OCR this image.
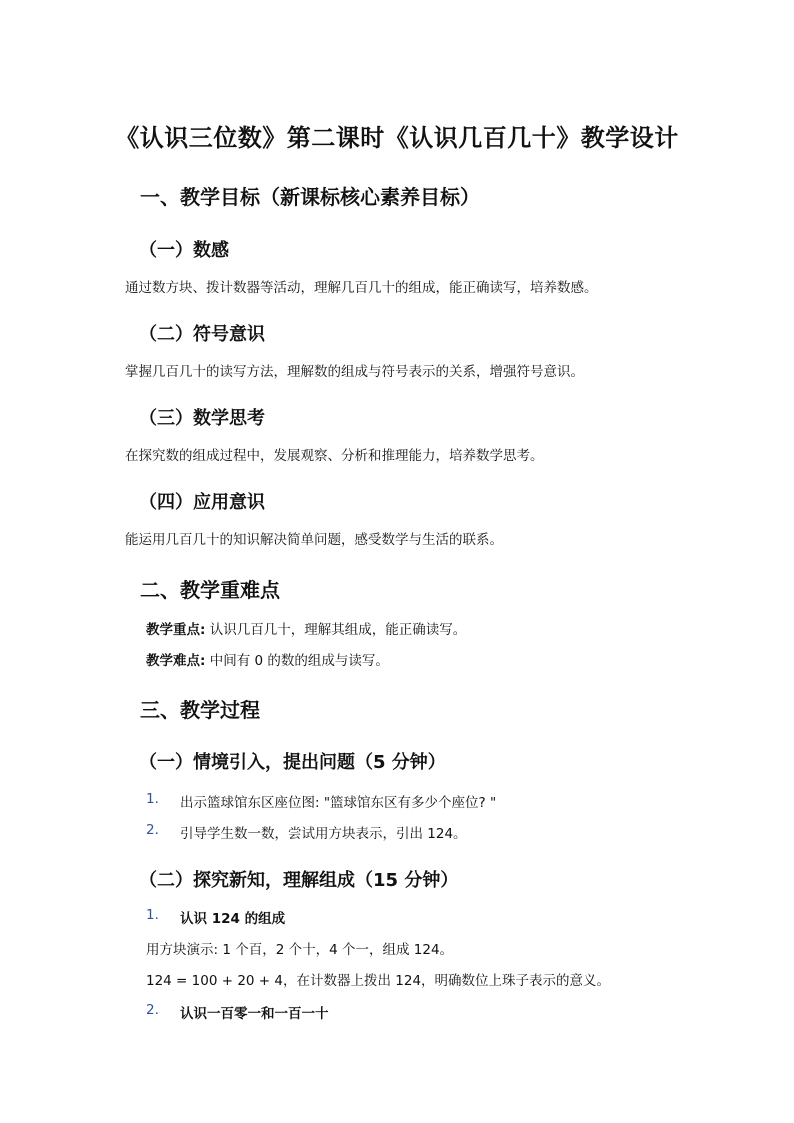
《认识三位数》第二课时《认识几百几十》教学设计
一、教学目标（新课标核心素养目标）
（一）数感
通过数方块、拨计数器等活动，理解几百几十的组成，能正确读写，培养数感。
（二）符号意识
掌握几百几十的读写方法，理解数的组成与符号表示的关系，增强符号意识。
（三）数学思考
在探究数的组成过程中，发展观察、分析和推理能力，培养数学思考。
（四）应用意识
能运用几百几十的知识解决简单问题，感受数学与生活的联系。
二、教学重难点
教学重点: 认识几百几十，理解其组成，能正确读写。
教学难点: 中间有 0 的数的组成与读写。
三、教学过程
（一）情境引入，提出问题（5 分钟）
1. 出示篮球馆东区座位图: "篮球馆东区有多少个座位? "
2. 引导学生数一数，尝试用方块表示，引出 124。
（二）探究新知，理解组成（15 分钟）
1. 认识 124 的组成
用方块演示: 1 个百，2 个十，4 个一，组成 124。
124 = 100 + 20 + 4，在计数器上拨出 124，明确数位上珠子表示的意义。
2. 认识一百零一和一百一十
